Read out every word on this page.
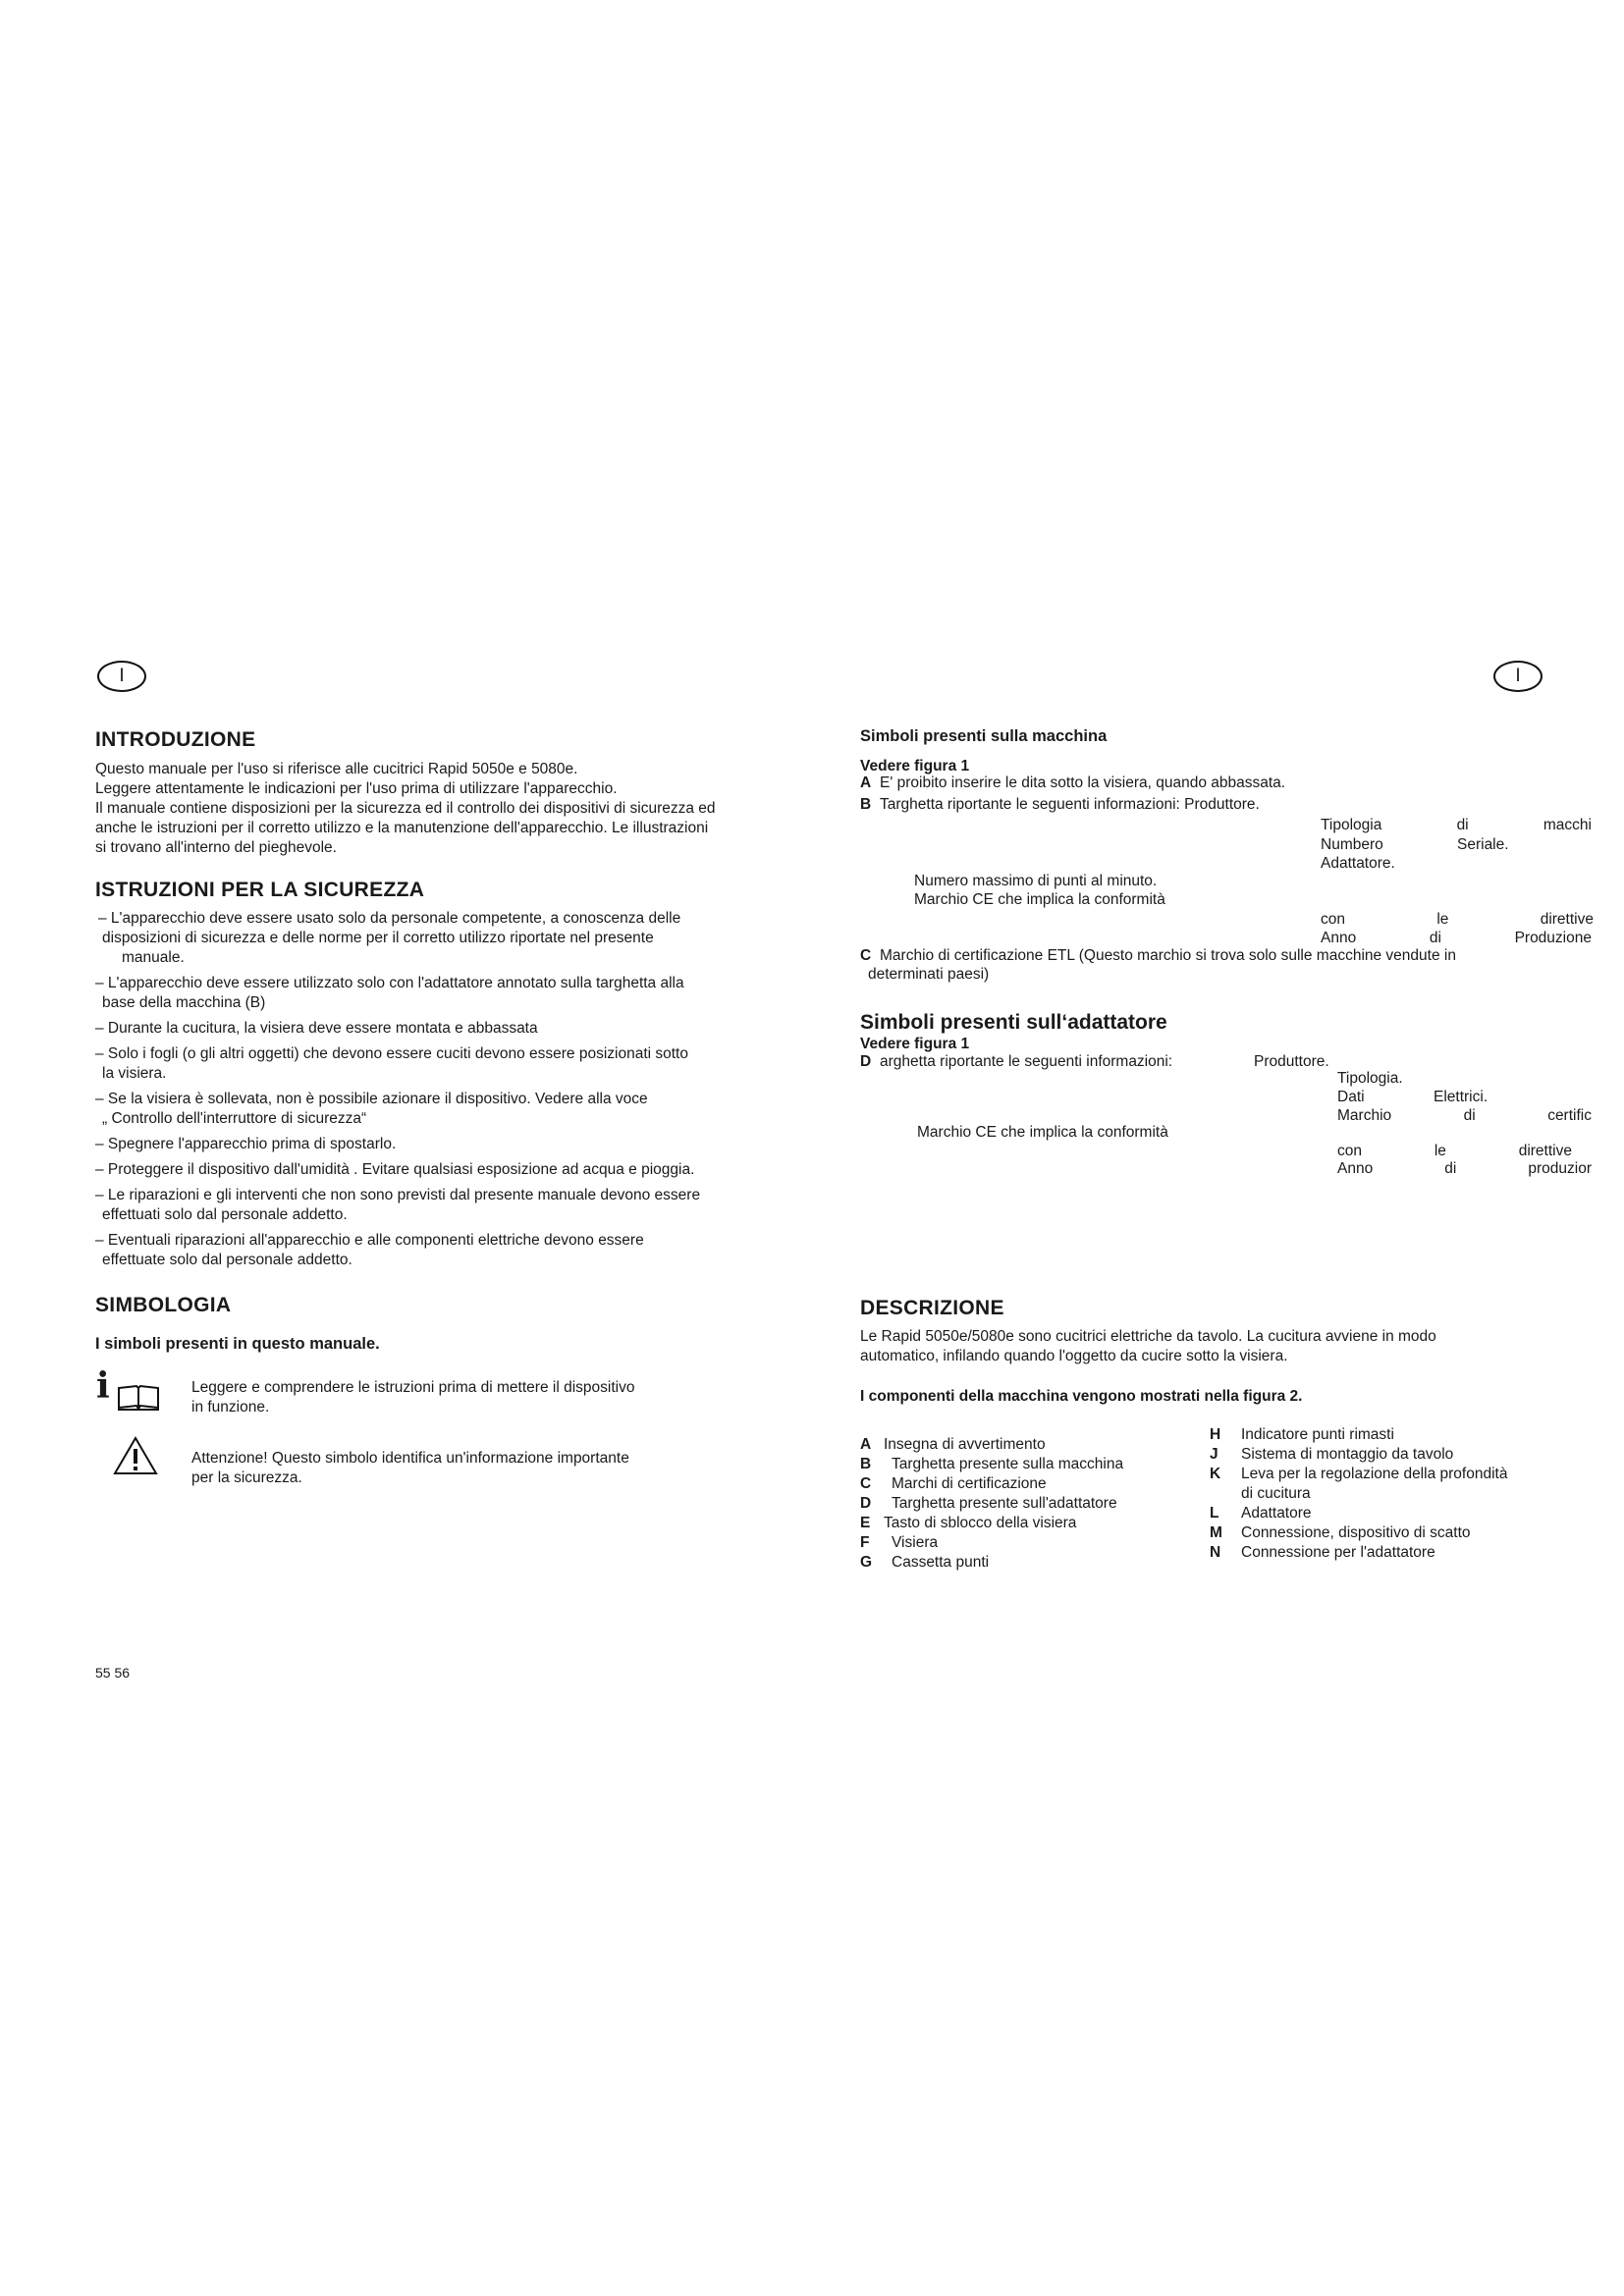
I	I
INTRODUZIONE
Questo manuale per l'uso si riferisce alle cucitrici Rapid 5050e e 5080e.
Leggere attentamente le indicazioni per l'uso prima di utilizzare l'apparecchio.
Il manuale contiene disposizioni per la sicurezza ed il controllo dei dispositivi di sicurezza ed
anche le istruzioni per il corretto utilizzo e la manutenzione dell'apparecchio. Le illustrazioni
si trovano all'interno del pieghevole.
ISTRUZIONI PER LA SICUREZZA
– L'apparecchio deve essere usato solo da personale competente, a conoscenza delle
disposizioni di sicurezza e delle norme per il corretto utilizzo riportate nel presente
manuale.
– L'apparecchio deve essere utilizzato solo con l'adattatore annotato sulla targhetta alla
base della macchina (B)
– Durante la cucitura, la visiera deve essere montata e abbassata
– Solo i fogli (o gli altri oggetti) che devono essere cuciti devono essere posizionati sotto
la visiera.
– Se la visiera è sollevata, non è possibile azionare il dispositivo. Vedere alla voce
„ Controllo dell'interruttore di sicurezza“
– Spegnere l'apparecchio prima di spostarlo.
– Proteggere il dispositivo dall'umidità . Evitare qualsiasi esposizione ad acqua e pioggia.
– Le riparazioni e gli interventi che non sono previsti dal presente manuale devono essere
effettuati solo dal personale addetto.
– Eventuali riparazioni all'apparecchio e alle componenti elettriche devono essere
effettuate solo dal personale addetto.
SIMBOLOGIA
I simboli presenti in questo manuale.
i	Leggere e comprendere le istruzioni prima di mettere il dispositivo
in funzione.
Attenzione! Questo simbolo identifica un'informazione importante
per la sicurezza.
55 56
Simboli presenti sulla macchina
Vedere figura 1
A E' proibito inserire le dita sotto la visiera, quando abbassata.
B Targhetta riportante le seguenti informazioni: Produttore.
Tipologia	di	macchi
Numbero	Seriale.
Adattatore.
Numero massimo di punti al minuto.
Marchio CE che implica la conformità
con	le	direttive
Anno	di	Produzione
C Marchio di certificazione ETL (Questo marchio si trova solo sulle macchine vendute in
determinati paesi)
Simboli presenti sull‘adattatore
Vedere figura 1
D arghetta riportante le seguenti informazioni:	Produttore.
Tipologia.
Dati	Elettrici.
Marchio	di	certific
Marchio CE che implica la conformità
con	le	direttive
Anno	di	produzior
DESCRIZIONE
Le Rapid 5050e/5080e sono cucitrici elettriche da tavolo. La cucitura avviene in modo
automatico, infilando quando l'oggetto da cucire sotto la visiera.
I componenti della macchina vengono mostrati nella figura 2.
A Insegna di avvertimento
B Targhetta presente sulla macchina
C Marchi di certificazione
D Targhetta presente sull'adattatore
E Tasto di sblocco della visiera
F Visiera
G Cassetta punti
H Indicatore punti rimasti
J Sistema di montaggio da tavolo
K Leva per la regolazione della profondità
di cucitura
L Adattatore
M Connessione, dispositivo di scatto
N Connessione per l'adattatore
